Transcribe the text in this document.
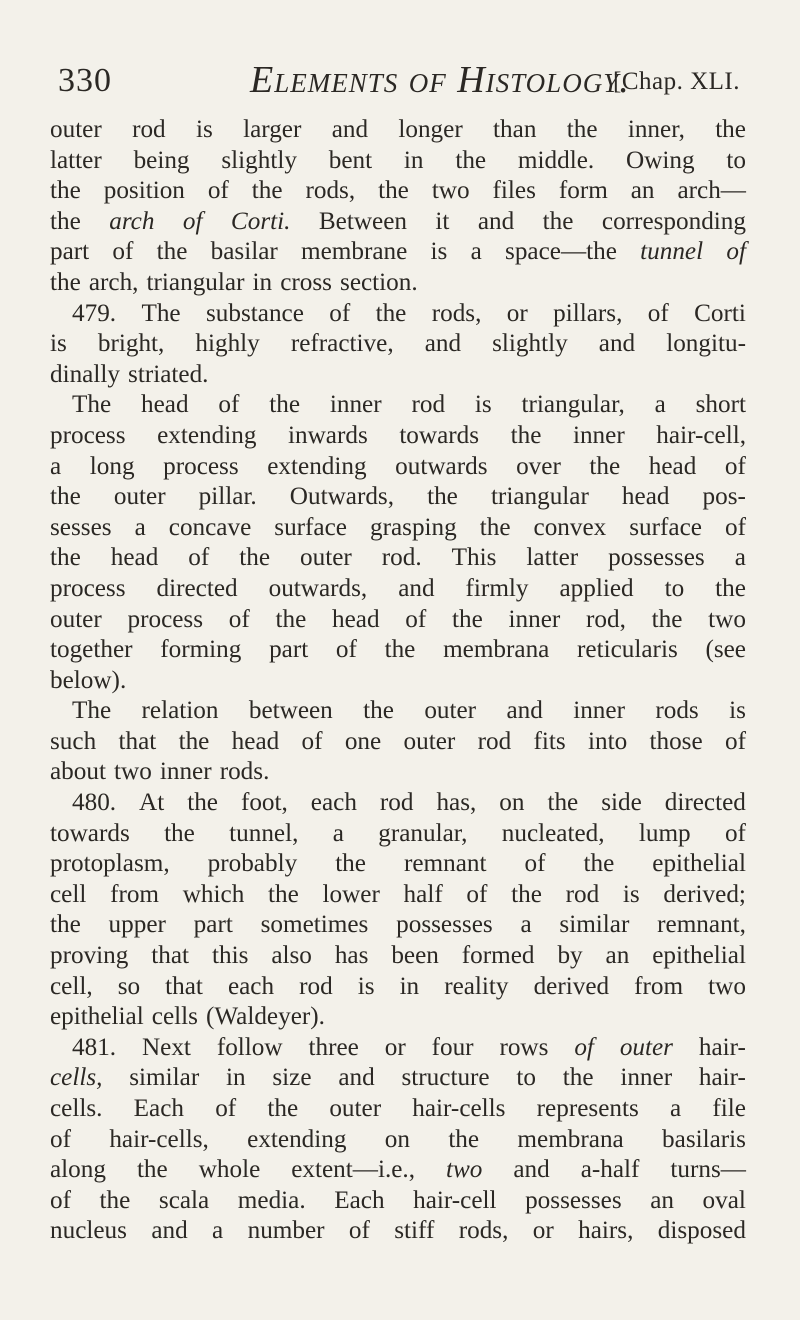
330	Elements of Histology.
[Chap. XLI.
outer rod is larger and longer than the inner, the
latter being slightly bent in the middle. Owing to
the position of the rods, the two files form an arch—
the arch of Corti. Between it and the corresponding
part of the basilar membrane is a space—the tunnel of
the arch, triangular in cross section.
479. The substance of the rods, or pillars, of Corti
is bright, highly refractive, and slightly and longitu-
dinally striated.
The head of the inner rod is triangular, a short
process extending inwards towards the inner hair-cell,
a long process extending outwards over the head of
the outer pillar. Outwards, the triangular head pos-
sesses a concave surface grasping the convex surface of
the head of the outer rod. This latter possesses a
process directed outwards, and firmly applied to the
outer process of the head of the inner rod, the two
together forming part of the membrana reticularis (see
below).
The relation between the outer and inner rods is
such that the head of one outer rod fits into those of
about two inner rods.
480. At the foot, each rod has, on the side directed
towards the tunnel, a granular, nucleated, lump of
protoplasm, probably the remnant of the epithelial
cell from which the lower half of the rod is derived;
the upper part sometimes possesses a similar remnant,
proving that this also has been formed by an epithelial
cell, so that each rod is in reality derived from two
epithelial cells (Waldeyer).
481. Next follow three or four rows of outer hair-
cells, similar in size and structure to the inner hair-
cells. Each of the outer hair-cells represents a file
of hair-cells, extending on the membrana basilaris
along the whole extent—i.e., two and a-half turns—
of the scala media. Each hair-cell possesses an oval
nucleus and a number of stiff rods, or hairs, disposed
